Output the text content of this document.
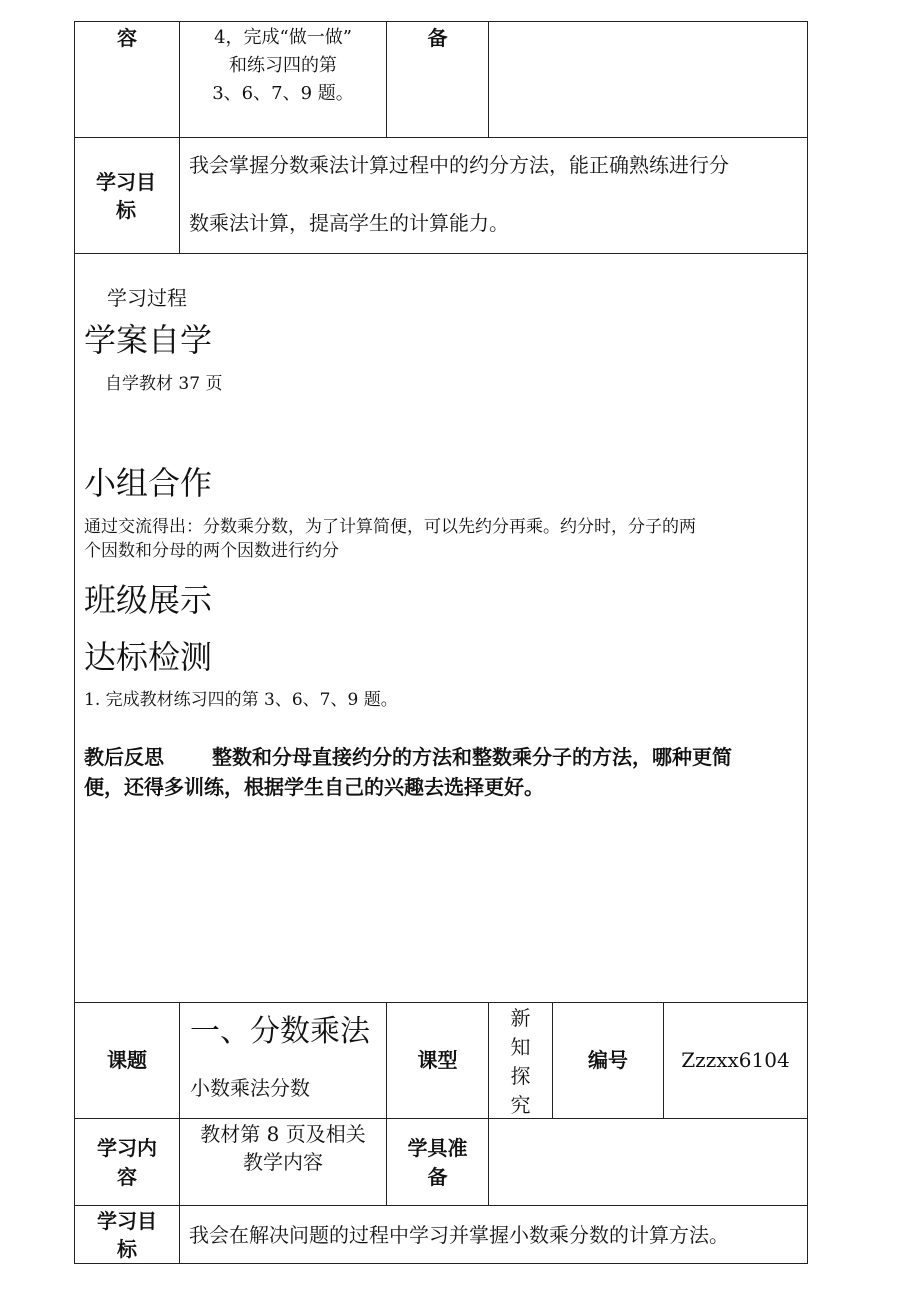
容	4，完成“做一做”
和练习四的第
3、6、7、9 题。
备
学习目标
我会掌握分数乘法计算过程中的约分方法，能正确熟练进行分
数乘法计算，提高学生的计算能力。
学习过程
学案自学
自学教材 37 页
小组合作
通过交流得出：分数乘分数，为了计算简便，可以先约分再乘。约分时，分子的两
个因数和分母的两个因数进行约分
班级展示
达标检测
1. 完成教材练习四的第 3、6、7、9 题。
教后反思 整数和分母直接约分的方法和整数乘分子的方法，哪种更简
便，还得多训练，根据学生自己的兴趣去选择更好。
课题
一、分数乘法
小数乘法分数
课型
新
知
探
究
编号	Zzzxx6104
学习内
容
教材第 8 页及相关
教学内容
学具准
备
学习目
标
我会在解决问题的过程中学习并掌握小数乘分数的计算方法。
